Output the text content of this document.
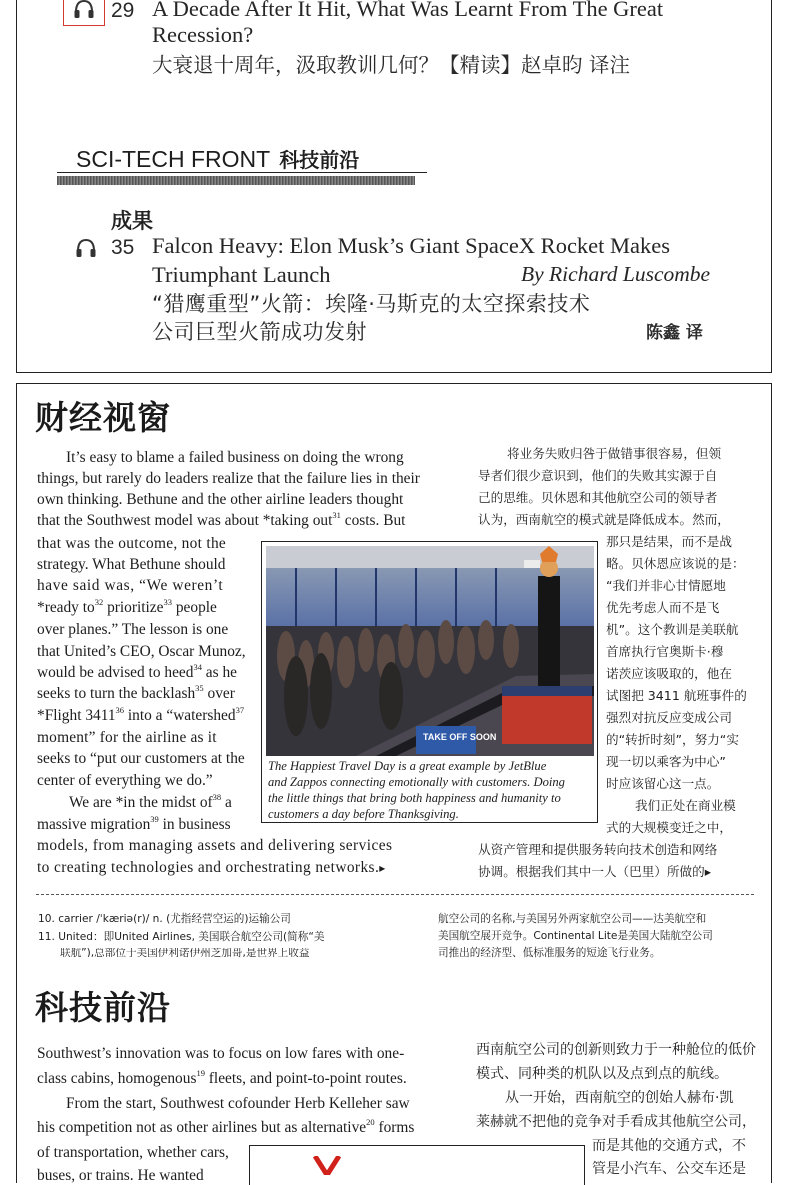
29 A Decade After It Hit, What Was Learnt From The Great
Recession?
大衰退十周年，汲取教训几何？【精读】赵卓昀 译注
SCI-TECH FRONT 科技前沿
成果
35 Falcon Heavy: Elon Musk’s Giant SpaceX Rocket Makes
Triumphant Launch	By Richard Luscombe
“猎鹰重型”火箭：埃隆·马斯克的太空探索技术
公司巨型火箭成功发射	陈鑫 译
财经视窗
It’s easy to blame a failed business on doing the wrong
things, but rarely do leaders realize that the failure lies in their
own thinking. Bethune and the other airline leaders thought
that the Southwest model was about *taking out$^{31}$ costs. But
that was the outcome, not the
strategy. What Bethune should
have said was, “We weren’t
*ready $to^{32}$ prioritize$^{33}$ people
over planes.” The lesson is one
that United’s CEO, Oscar Munoz,
would be advised to heed$^{34}$ as he
seeks to turn the backlash$^{35}$ over
*Flight 3411$^{36}$ into a “watershed$^{37}$
moment” for the airline as it
seeks to “put our customers at the
center of everything we do.”
We are *in the midst $of^{38}$ a
massive migration$^{39}$ in business
models, from managing assets and delivering services
to creating technologies and orchestrating networks.▸
将业务失败归咎于做错事很容易，但领
导者们很少意识到，他们的失败其实源于自
己的思维。贝休恩和其他航空公司的领导者
认为，西南航空的模式就是降低成本。然而，
那只是结果，而不是战
略。贝休恩应该说的是：
“我们并非心甘情愿地
优先考虑人而不是飞
机”。这个教训是美联航
首席执行官奥斯卡·穆
诺茨应该吸取的，他在
试图把 3411 航班事件的
强烈对抗反应变成公司
的“转折时刻”，努力“实
现一切以乘客为中心”
时应该留心这一点。
我们正处在商业模
式的大规模变迁之中，
从资产管理和提供服务转向技术创造和网络
协调。根据我们其中一人（巴里）所做的▸
TAKE OFF SOON
The Happiest Travel Day is a great example by JetBlue
and Zappos connecting emotionally with customers. Doing
the little things that bring both happiness and humanity to
customers a day before Thanksgiving.
10. carrier /ˈkæriə(r)/ n. (尤指经营空运的)运输公司
11. United：即United Airlines, 美国联合航空公司(简称“美
联航”),总部位于美国伊利诺伊州芝加哥,是世界上收益
航空公司的名称,与美国另外两家航空公司——达美航空和
美国航空展开竞争。Continental Lite是美国大陆航空公司
司推出的经济型、低标准服务的短途飞行业务。
科技前沿
Southwest’s innovation was to focus on low fares with one-
class cabins, homogenous$^{19}$ fleets, and point-to-point routes.
From the start, Southwest cofounder Herb Kelleher saw
his competition not as other airlines but as alternative$^{20}$ forms
of transportation, whether cars,
buses, or trains. He wanted
西南航空公司的创新则致力于一种舱位的低价
模式、同种类的机队以及点到点的航线。
从一开始，西南航空的创始人赫布·凯
莱赫就不把他的竞争对手看成其他航空公司，
而是其他的交通方式，不
管是小汽车、公交车还是
